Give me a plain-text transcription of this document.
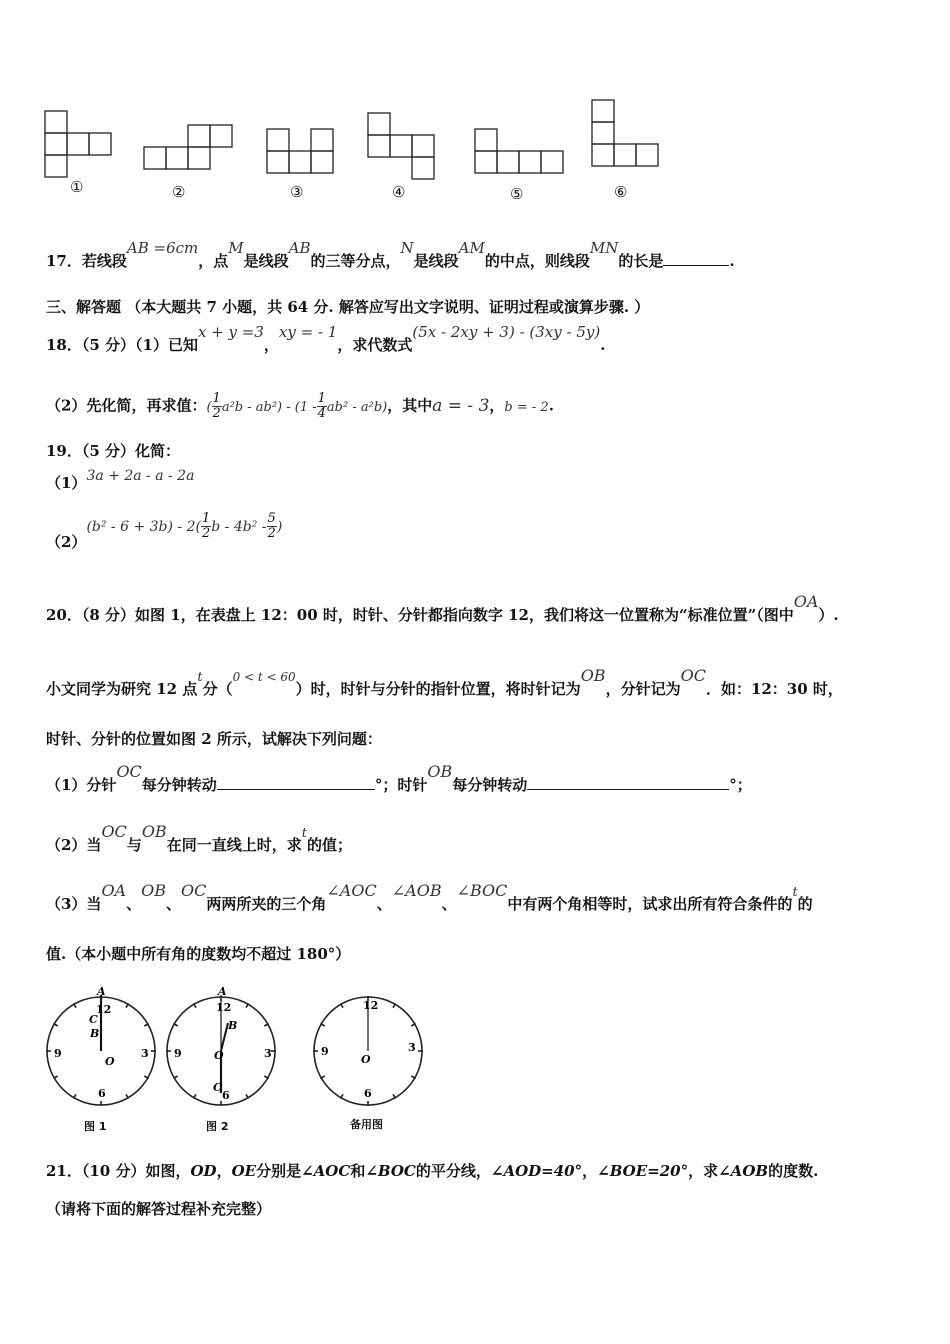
①	②	③	④	⑤	⑥
17．若线段AB =6cm，点M是线段AB的三等分点，N是线段AM的中点，则线段MN的长是	.
三、解答题 （本大题共 7 小题，共 64 分. 解答应写出文字说明、证明过程或演算步骤. ）
18．（5 分）（1）已知x + y =3，xy = - 1，求代数式(5x - 2xy + 3) - (3xy - 5y).
（2）先化简，再求值：( $\frac{1}{2} a^2b - ab^2) - (1 - \frac{1}{4} ab^2 - a^2b)$，其中a = - 3，b = - 2.
19．（5 分）化简：
（1）3a + 2a - a - 2a
$(2)(b^2 - 6 + 3b) - 2( \frac{1}{2}$ b - $4b^2 - \frac{5}{2}$ )
20．（8 分）如图 1，在表盘上 12：00 时，时针、分针都指向数字 12，我们将这一位置称为“标准位置”（图中OA）.
小文同学为研究 12 点t分（$^{0 < t < 60}$）时，时针与分针的指针位置，将时针记为OB，分针记为OC．如：12：30 时，
时针、分针的位置如图 2 所示，试解决下列问题：
（1）分针OC每分钟转动	°；时针OB每分钟转动	°；
（2）当OC与OB在同一直线上时，求t的值；
（3）当OA、OB、OC两两所夹的三个角∠AOC、∠AOB、∠BOC中有两个角相等时，试求出所有符合条件的t的
值.（本小题中所有角的度数均不超过 180°）
A
12
C
B
O
3
6
9
图 1
A
12
B
O	3
C
6
9
图 2
12
O
3
6
9
备用图
21．（10 分）如图，OD，OE分别是∠AOC和∠BOC的平分线，∠AOD=40°，∠BOE=20°，求∠AOB的度数.
（请将下面的解答过程补充完整）
